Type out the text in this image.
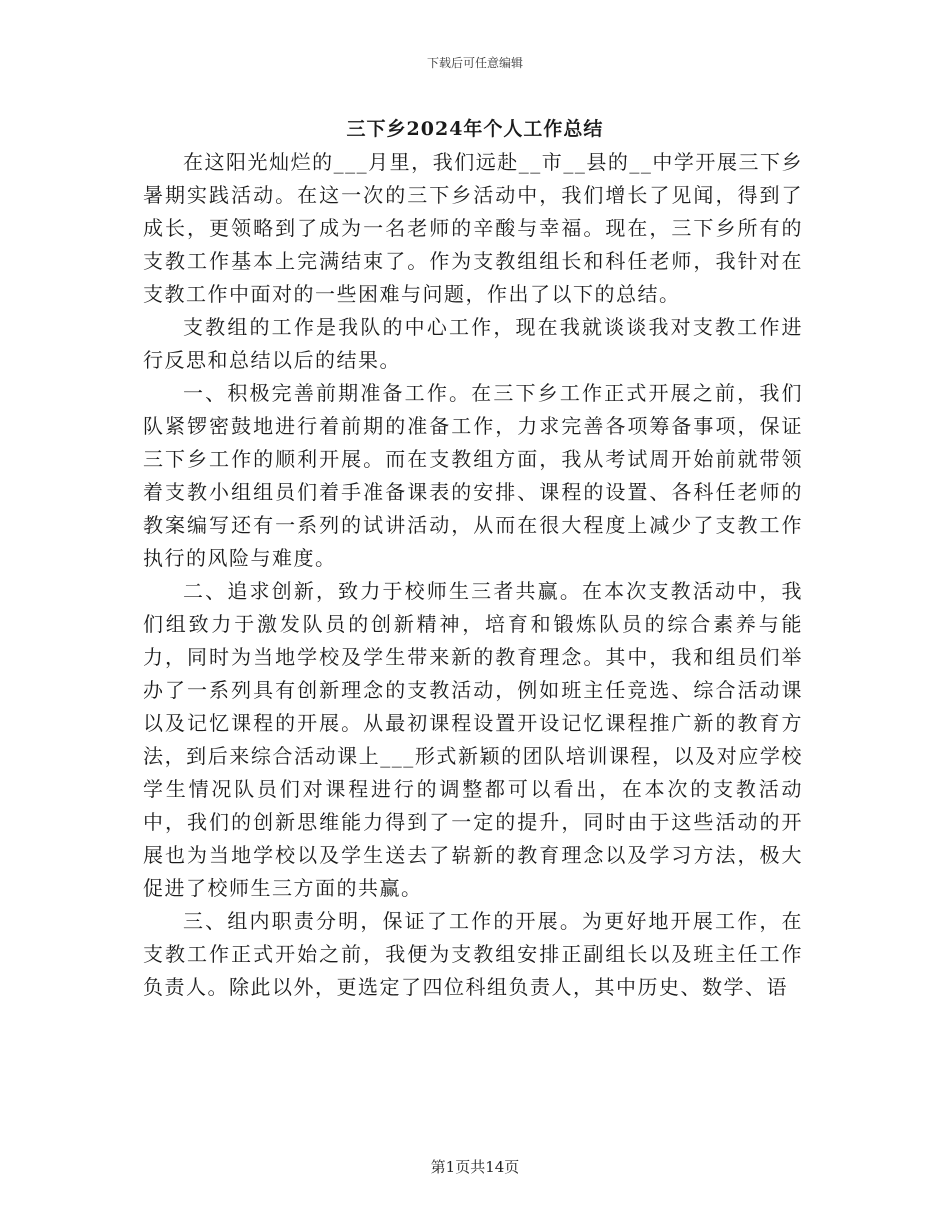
下载后可任意编辑
三下乡2024年个人工作总结

在这阳光灿烂的___月里，我们远赴__市__县的__中学开展三下乡暑期实践活动。在这一次的三下乡活动中，我们增长了见闻，得到了成长，更领略到了成为一名老师的辛酸与幸福。现在，三下乡所有的支教工作基本上完满结束了。作为支教组组长和科任老师，我针对在支教工作中面对的一些困难与问题，作出了以下的总结。

支教组的工作是我队的中心工作，现在我就谈谈我对支教工作进行反思和总结以后的结果。

一、积极完善前期准备工作。在三下乡工作正式开展之前，我们队紧锣密鼓地进行着前期的准备工作，力求完善各项筹备事项，保证三下乡工作的顺利开展。而在支教组方面，我从考试周开始前就带领着支教小组组员们着手准备课表的安排、课程的设置、各科任老师的教案编写还有一系列的试讲活动，从而在很大程度上减少了支教工作执行的风险与难度。

二、追求创新，致力于校师生三者共赢。在本次支教活动中，我们组致力于激发队员的创新精神，培育和锻炼队员的综合素养与能力，同时为当地学校及学生带来新的教育理念。其中，我和组员们举办了一系列具有创新理念的支教活动，例如班主任竞选、综合活动课以及记忆课程的开展。从最初课程设置开设记忆课程推广新的教育方法，到后来综合活动课上___形式新颖的团队培训课程，以及对应学校学生情况队员们对课程进行的调整都可以看出，在本次的支教活动中，我们的创新思维能力得到了一定的提升，同时由于这些活动的开展也为当地学校以及学生送去了崭新的教育理念以及学习方法，极大促进了校师生三方面的共赢。

三、组内职责分明，保证了工作的开展。为更好地开展工作，在支教工作正式开始之前，我便为支教组安排正副组长以及班主任工作负责人。除此以外，更选定了四位科组负责人，其中历史、数学、语

第1页共14页
